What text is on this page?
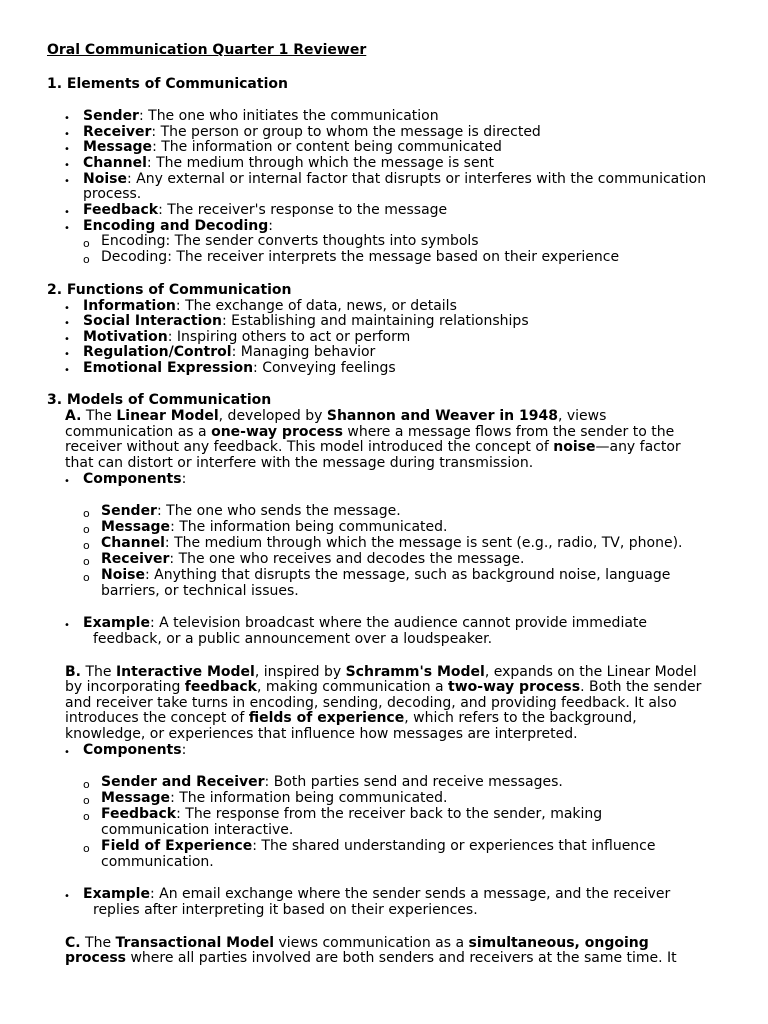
Oral Communication Quarter 1 Reviewer
1. Elements of Communication
• Sender: The one who initiates the communication
• Receiver: The person or group to whom the message is directed
• Message: The information or content being communicated
• Channel: The medium through which the message is sent
• Noise: Any external or internal factor that disrupts or interferes with the communication
process.
• Feedback: The receiver's response to the message
• Encoding and Decoding:
o Encoding: The sender converts thoughts into symbols
o Decoding: The receiver interprets the message based on their experience
2. Functions of Communication
• Information: The exchange of data, news, or details
• Social Interaction: Establishing and maintaining relationships
• Motivation: Inspiring others to act or perform
• Regulation/Control: Managing behavior
• Emotional Expression: Conveying feelings
3. Models of Communication
A. The Linear Model, developed by Shannon and Weaver in 1948, views
communication as a one-way process where a message flows from the sender to the
receiver without any feedback. This model introduced the concept of noise—any factor
that can distort or interfere with the message during transmission.
• Components:
o Sender: The one who sends the message.
o Message: The information being communicated.
o Channel: The medium through which the message is sent (e.g., radio, TV, phone).
o Receiver: The one who receives and decodes the message.
o Noise: Anything that disrupts the message, such as background noise, language
barriers, or technical issues.
• Example: A television broadcast where the audience cannot provide immediate
feedback, or a public announcement over a loudspeaker.
B. The Interactive Model, inspired by Schramm's Model, expands on the Linear Model
by incorporating feedback, making communication a two-way process. Both the sender
and receiver take turns in encoding, sending, decoding, and providing feedback. It also
introduces the concept of fields of experience, which refers to the background,
knowledge, or experiences that influence how messages are interpreted.
• Components:
o Sender and Receiver: Both parties send and receive messages.
o Message: The information being communicated.
o Feedback: The response from the receiver back to the sender, making
communication interactive.
o Field of Experience: The shared understanding or experiences that influence
communication.
• Example: An email exchange where the sender sends a message, and the receiver
replies after interpreting it based on their experiences.
C. The Transactional Model views communication as a simultaneous, ongoing
process where all parties involved are both senders and receivers at the same time. It
